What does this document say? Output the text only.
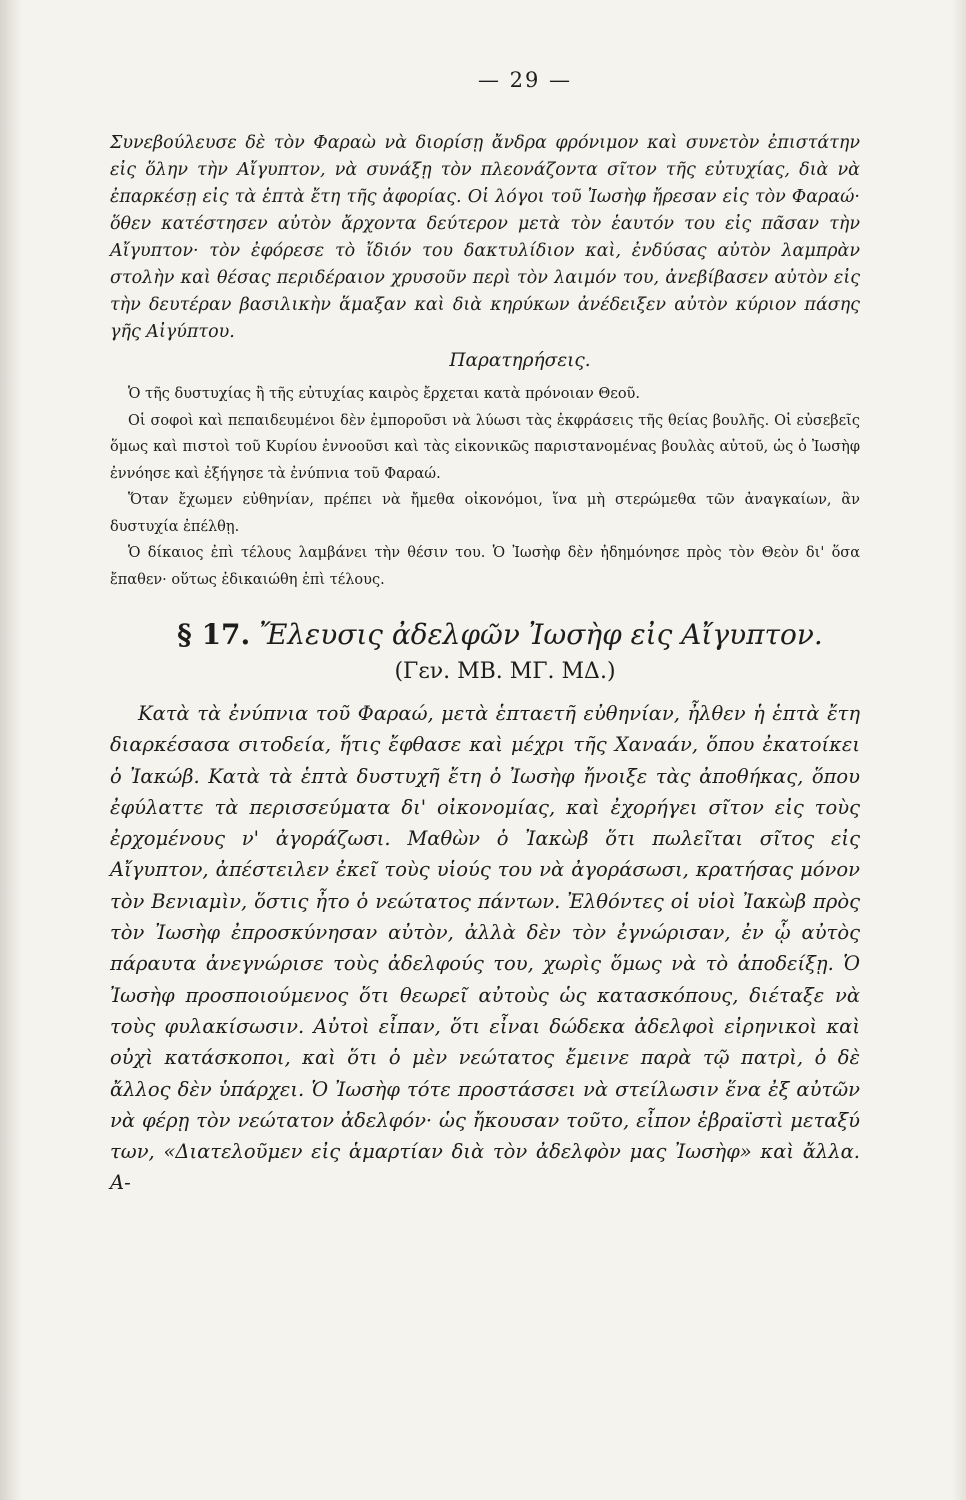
— 29 —

Συνεβούλευσε δὲ τὸν Φαραὼ νὰ διορίσῃ ἄνδρα φρόνιμον καὶ συνετὸν ἐπιστάτην εἰς ὅλην τὴν Αἴγυπτον, νὰ συνάξῃ τὸν πλεονάζοντα σῖτον τῆς εὐτυχίας, διὰ νὰ ἐπαρκέσῃ εἰς τὰ ἑπτὰ ἔτη τῆς ἀφορίας. Οἱ λόγοι τοῦ Ἰωσὴφ ἤρεσαν εἰς τὸν Φαραώ· ὅθεν κατέστησεν αὐτὸν ἄρχοντα δεύτερον μετὰ τὸν ἑαυτόν του εἰς πᾶσαν τὴν Αἴγυπτον· τὸν ἐφόρεσε τὸ ἴδιόν του δακτυλίδιον καὶ, ἐνδύσας αὐτὸν λαμπρὰν στολὴν καὶ θέσας περιδέραιον χρυσοῦν περὶ τὸν λαιμόν του, ἀνεβίβασεν αὐτὸν εἰς τὴν δευτέραν βασιλικὴν ἅμαξαν καὶ διὰ κηρύκων ἀνέδειξεν αὐτὸν κύριον πάσης γῆς Αἰγύπτου.

Παρατηρήσεις.

Ὁ τῆς δυστυχίας ἢ τῆς εὐτυχίας καιρὸς ἔρχεται κατὰ πρόνοιαν Θεοῦ.

Οἱ σοφοὶ καὶ πεπαιδευμένοι δὲν ἐμποροῦσι νὰ λύωσι τὰς ἐκφράσεις τῆς θείας βουλῆς. Οἱ εὐσεβεῖς ὅμως καὶ πιστοὶ τοῦ Κυρίου ἐννοοῦσι καὶ τὰς εἰκονικῶς παριστανομένας βουλὰς αὐτοῦ, ὡς ὁ Ἰωσὴφ ἐννόησε καὶ ἐξήγησε τὰ ἐνύπνια τοῦ Φαραώ.

Ὅταν ἔχωμεν εὐθηνίαν, πρέπει νὰ ἤμεθα οἰκονόμοι, ἵνα μὴ στερώμεθα τῶν ἀναγκαίων, ἂν δυστυχία ἐπέλθῃ.

Ὁ δίκαιος ἐπὶ τέλους λαμβάνει τὴν θέσιν του. Ὁ Ἰωσὴφ δὲν ἠδημόνησε πρὸς τὸν Θεὸν δι' ὅσα ἔπαθεν· οὕτως ἐδικαιώθη ἐπὶ τέλους.

§ 17. Ἔλευσις ἀδελφῶν Ἰωσὴφ εἰς Αἴγυπτον.
(Γεν. ΜΒ. ΜΓ. ΜΔ.)

Κατὰ τὰ ἐνύπνια τοῦ Φαραώ, μετὰ ἑπταετῆ εὐθηνίαν, ἦλθεν ἡ ἑπτὰ ἔτη διαρκέσασα σιτοδεία, ἥτις ἔφθασε καὶ μέχρι τῆς Χαναάν, ὅπου ἐκατοίκει ὁ Ἰακώβ. Κατὰ τὰ ἑπτὰ δυστυχῆ ἔτη ὁ Ἰωσὴφ ἤνοιξε τὰς ἀποθήκας, ὅπου ἐφύλαττε τὰ περισσεύματα δι' οἰκονομίας, καὶ ἐχορήγει σῖτον εἰς τοὺς ἐρχομένους ν' ἀγοράζωσι. Μαθὼν ὁ Ἰακὼβ ὅτι πωλεῖται σῖτος εἰς Αἴγυπτον, ἀπέστειλεν ἐκεῖ τοὺς υἱούς του νὰ ἀγοράσωσι, κρατήσας μόνον τὸν Βενιαμὶν, ὅστις ἦτο ὁ νεώτατος πάντων. Ἐλθόντες οἱ υἱοὶ Ἰακὼβ πρὸς τὸν Ἰωσὴφ ἐπροσκύνησαν αὐτὸν, ἀλλὰ δὲν τὸν ἐγνώρισαν, ἐν ᾧ αὐτὸς πάραυτα ἀνεγνώρισε τοὺς ἀδελφούς του, χωρὶς ὅμως νὰ τὸ ἀποδείξῃ. Ὁ Ἰωσὴφ προσποιούμενος ὅτι θεωρεῖ αὐτοὺς ὡς κατασκόπους, διέταξε νὰ τοὺς φυλακίσωσιν. Αὐτοὶ εἶπαν, ὅτι εἶναι δώδεκα ἀδελφοὶ εἰρηνικοὶ καὶ οὐχὶ κατάσκοποι, καὶ ὅτι ὁ μὲν νεώτατος ἔμεινε παρὰ τῷ πατρὶ, ὁ δὲ ἄλλος δὲν ὑπάρχει. Ὁ Ἰωσὴφ τότε προστάσσει νὰ στείλωσιν ἕνα ἐξ αὐτῶν νὰ φέρῃ τὸν νεώτατον ἀδελφόν· ὡς ἤκουσαν τοῦτο, εἶπον ἑβραϊστὶ μεταξύ των, «Διατελοῦμεν εἰς ἁμαρτίαν διὰ τὸν ἀδελφὸν μας Ἰωσὴφ» καὶ ἄλλα. Α-
